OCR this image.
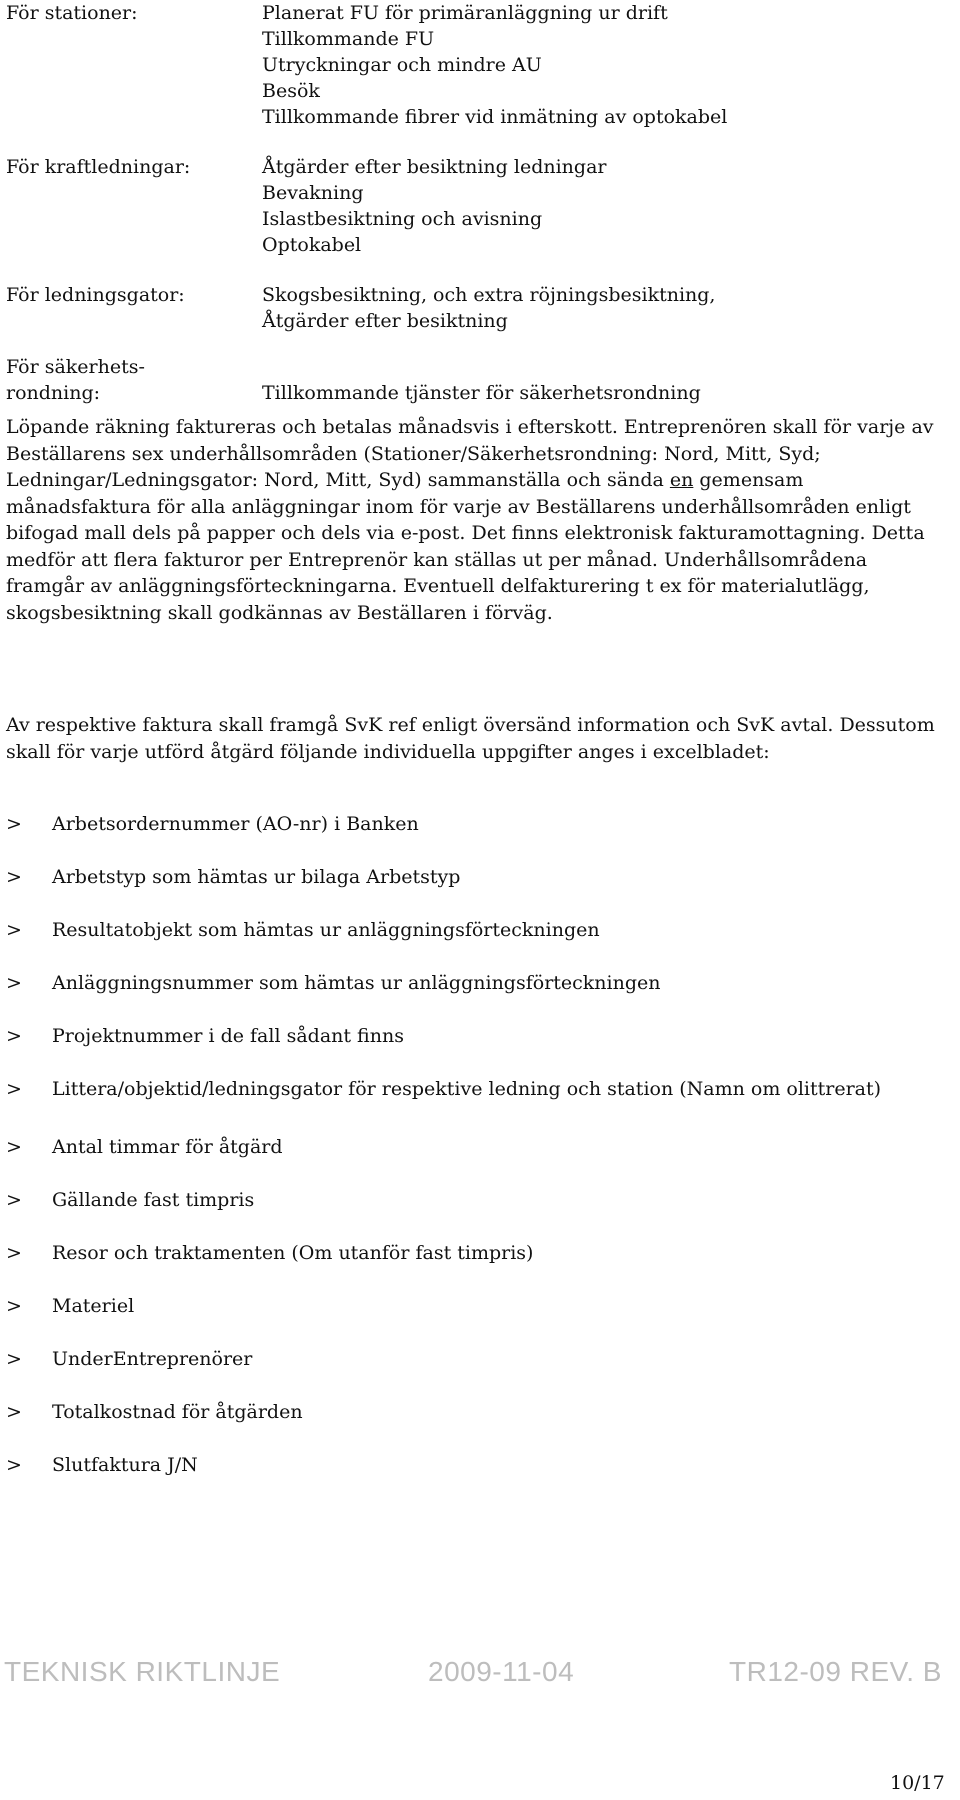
För stationer:	Planerat FU för primäranläggning ur drift
Tillkommande FU
Utryckningar och mindre AU
Besök
Tillkommande fibrer vid inmätning av optokabel
För kraftledningar:	Åtgärder efter besiktning ledningar
Bevakning
Islastbesiktning och avisning
Optokabel
För ledningsgator:	Skogsbesiktning, och extra röjningsbesiktning,
Åtgärder efter besiktning
För säkerhets-
rondning:	Tillkommande tjänster för säkerhetsrondning

Löpande räkning faktureras och betalas månadsvis i efterskott. Entreprenören skall för varje av Beställarens sex underhållsområden (Stationer/Säkerhetsrondning: Nord, Mitt, Syd; Ledningar/Ledningsgator: Nord, Mitt, Syd) sammanställa och sända en gemensam månadsfaktura för alla anläggningar inom för varje av Beställarens underhållsområden enligt bifogad mall dels på papper och dels via e-post. Det finns elektronisk fakturamottagning. Detta medför att flera fakturor per Entreprenör kan ställas ut per månad. Underhållsområdena framgår av anläggningsförteckningarna. Eventuell delfakturering t ex för materialutlägg, skogsbesiktning skall godkännas av Beställaren i förväg.

Av respektive faktura skall framgå SvK ref enligt översänd information och SvK avtal. Dessutom skall för varje utförd åtgärd följande individuella uppgifter anges i excelbladet:

>	Arbetsordernummer (AO-nr) i Banken
>	Arbetstyp som hämtas ur bilaga Arbetstyp
>	Resultatobjekt som hämtas ur anläggningsförteckningen
>	Anläggningsnummer som hämtas ur anläggningsförteckningen
>	Projektnummer i de fall sådant finns
>	Littera/objektid/ledningsgator för respektive ledning och station (Namn om olittrerat)
>	Antal timmar för åtgärd
>	Gällande fast timpris
>	Resor och traktamenten (Om utanför fast timpris)
>	Materiel
>	UnderEntreprenörer
>	Totalkostnad för åtgärden
>	Slutfaktura J/N
TEKNISK RIKTLINJE	2009-11-04	TR12-09 REV. B
10/17
